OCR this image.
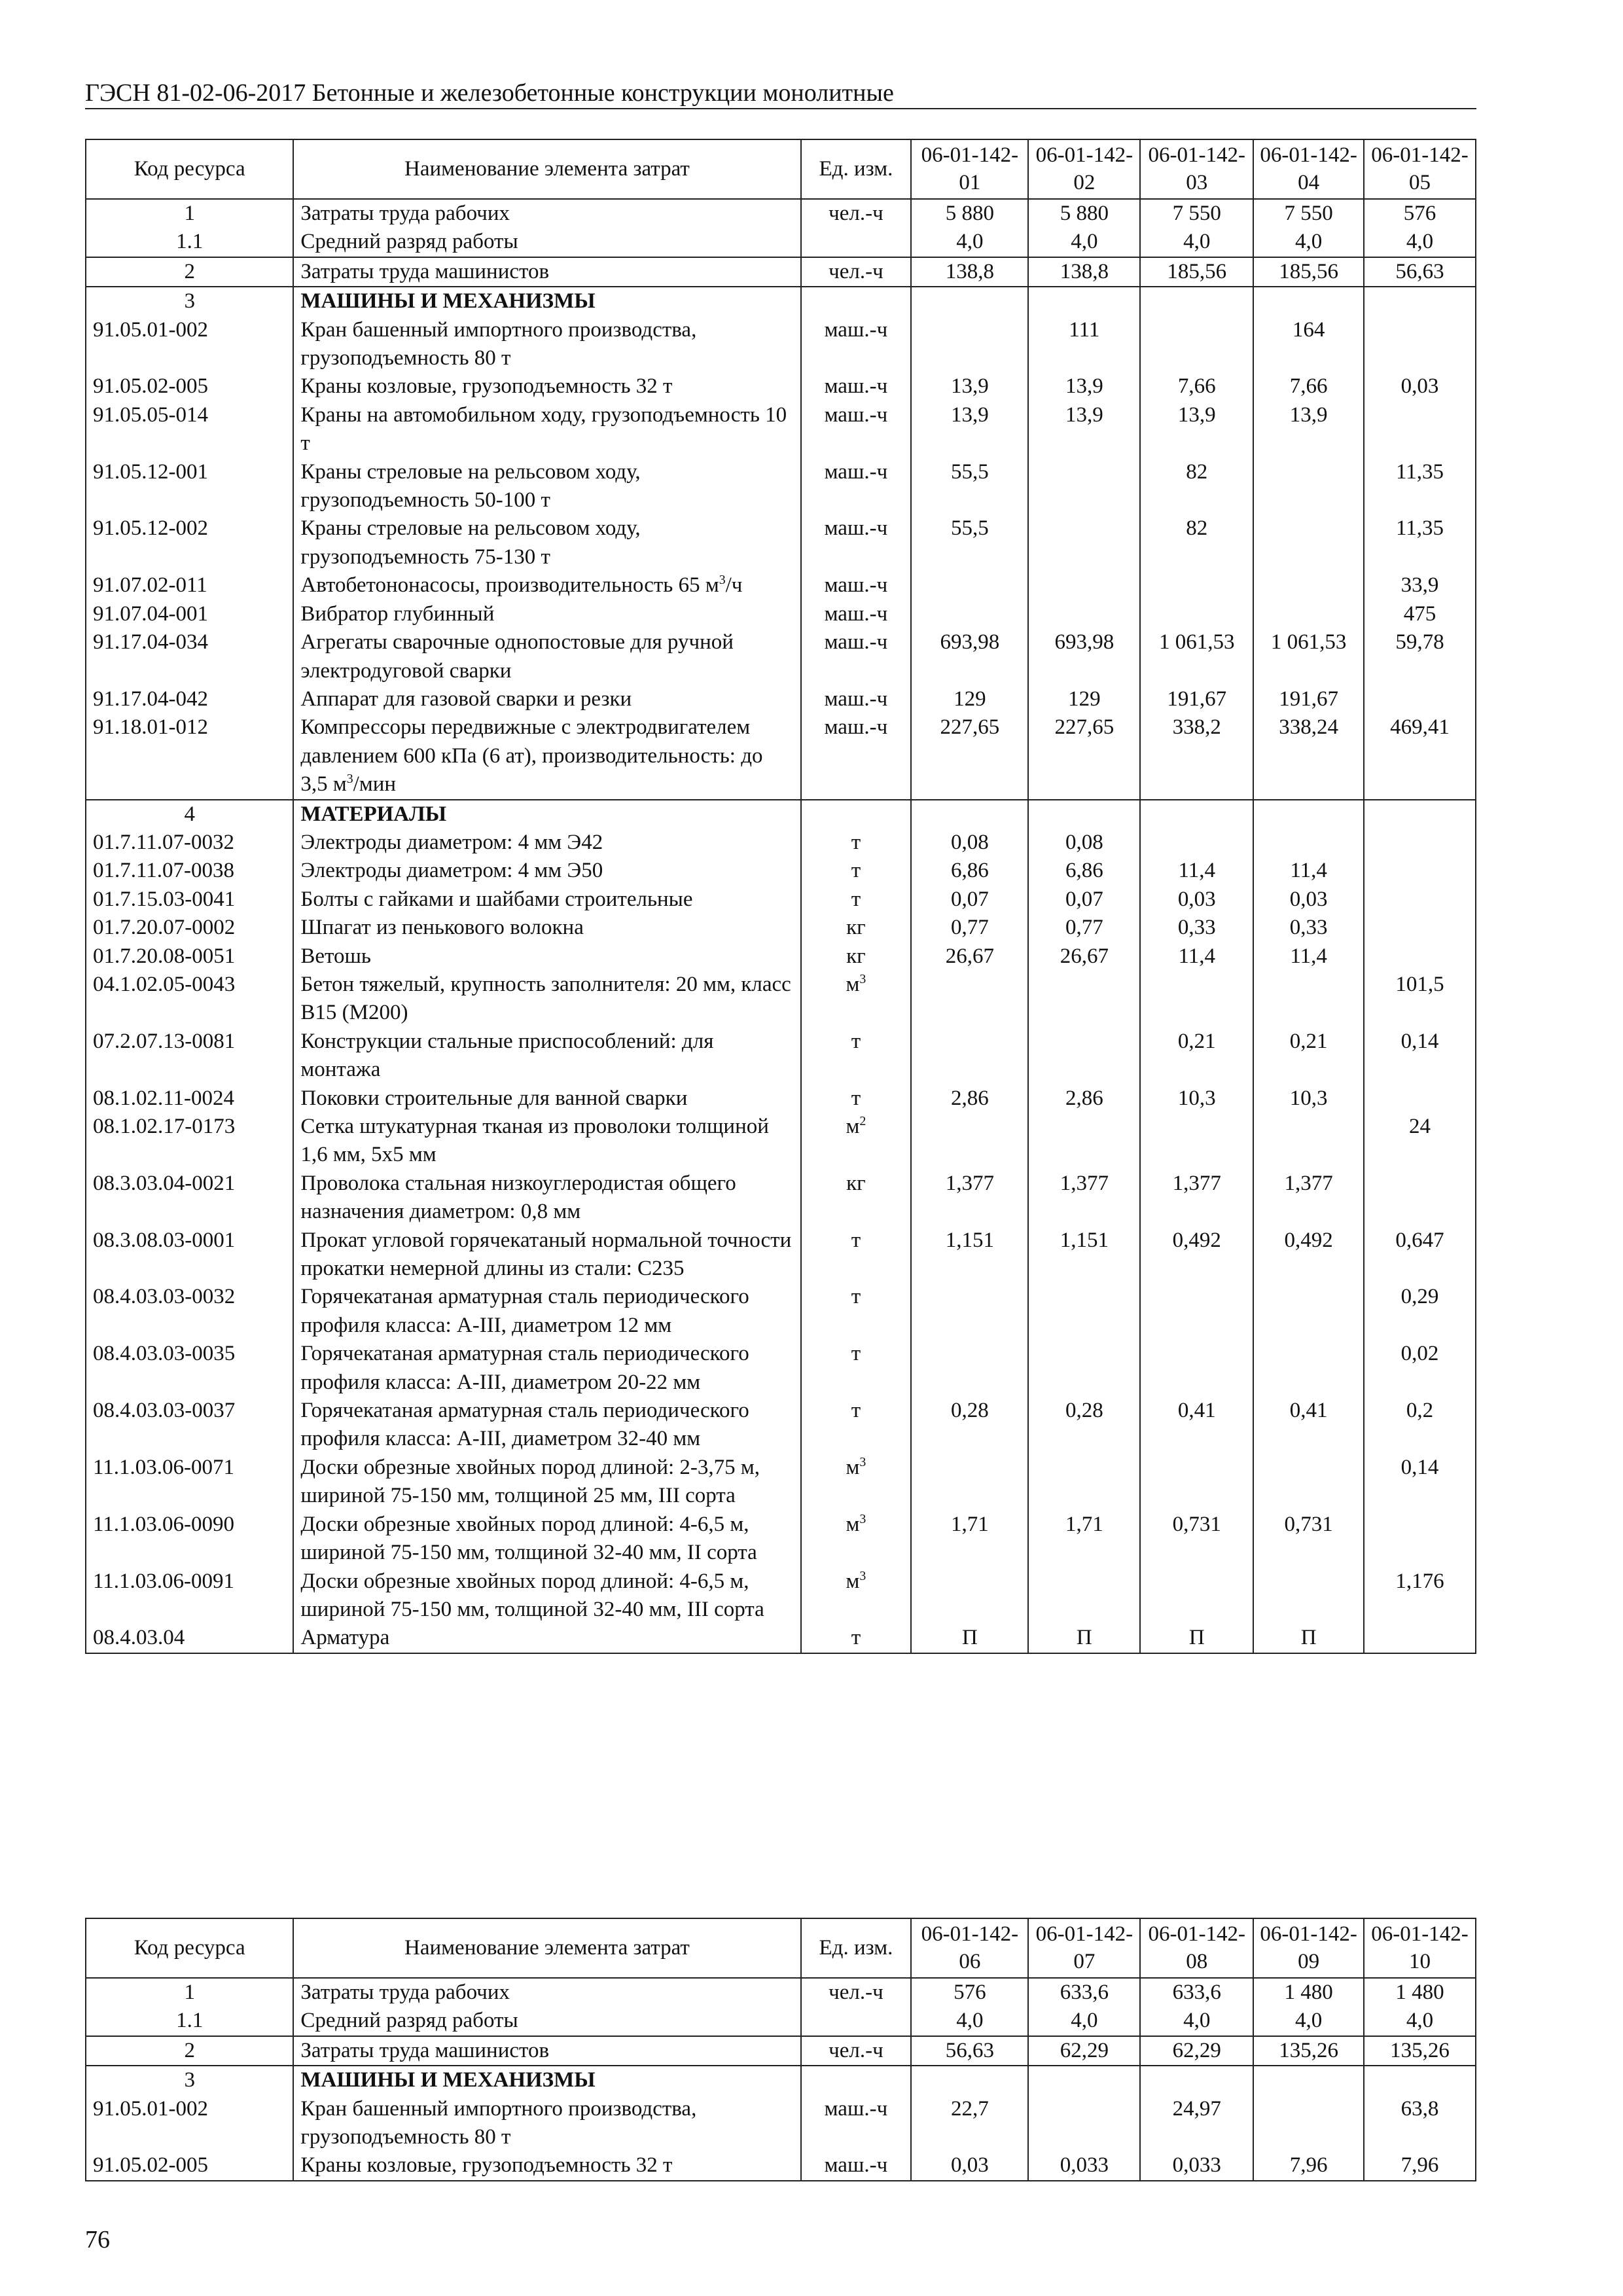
ГЭСН 81-02-06-2017 Бетонные и железобетонные конструкции монолитные
Код ресурса	Наименование элемента затрат	Ед. изм.	06-01-142-01	06-01-142-02	06-01-142-03	06-01-142-04	06-01-142-05
1	Затраты труда рабочих	чел.-ч	5 880	5 880	7 550	7 550	576
1.1	Средний разряд работы		4,0	4,0	4,0	4,0	4,0
2	Затраты труда машинистов	чел.-ч	138,8	138,8	185,56	185,56	56,63
3	МАШИНЫ И МЕХАНИЗМЫ						
91.05.01-002	Кран башенный импортного производства, грузоподъемность 80 т	маш.-ч		111		164	
91.05.02-005	Краны козловые, грузоподъемность 32 т	маш.-ч	13,9	13,9	7,66	7,66	0,03
91.05.05-014	Краны на автомобильном ходу, грузоподъемность 10 т	маш.-ч	13,9	13,9	13,9	13,9	
91.05.12-001	Краны стреловые на рельсовом ходу, грузоподъемность 50-100 т	маш.-ч	55,5		82		11,35
91.05.12-002	Краны стреловые на рельсовом ходу, грузоподъемность 75-130 т	маш.-ч	55,5		82		11,35
91.07.02-011	Автобетононасосы, производительность 65 $м^3/ч$	маш.-ч					33,9
91.07.04-001	Вибратор глубинный	маш.-ч					475
91.17.04-034	Агрегаты сварочные однопостовые для ручной электродуговой сварки	маш.-ч	693,98	693,98	1 061,53	1 061,53	59,78
91.17.04-042	Аппарат для газовой сварки и резки	маш.-ч	129	129	191,67	191,67	
91.18.01-012	Компрессоры передвижные с электродвигателем давлением 600 кПа (6 ат), производительность: до 3,5 $м^3$/мин	маш.-ч	227,65	227,65	338,2	338,24	469,41
4	МАТЕРИАЛЫ						
01.7.11.07-0032	Электроды диаметром: 4 мм Э42	т	0,08	0,08			
01.7.11.07-0038	Электроды диаметром: 4 мм Э50	т	6,86	6,86	11,4	11,4	
01.7.15.03-0041	Болты с гайками и шайбами строительные	т	0,07	0,07	0,03	0,03	
01.7.20.07-0002	Шпагат из пенькового волокна	кг	0,77	0,77	0,33	0,33	
01.7.20.08-0051	Ветошь	кг	26,67	26,67	11,4	11,4	
04.1.02.05-0043	Бетон тяжелый, крупность заполнителя: 20 мм, класс В15 (М200)	$м^3$					101,5
07.2.07.13-0081	Конструкции стальные приспособлений: для монтажа	т			0,21	0,21	0,14
08.1.02.11-0024	Поковки строительные для ванной сварки	т	2,86	2,86	10,3	10,3	
08.1.02.17-0173	Сетка штукатурная тканая из проволоки толщиной 1,6 мм, 5х5 мм	$м^2$					24
08.3.03.04-0021	Проволока стальная низкоуглеродистая общего назначения диаметром: 0,8 мм	кг	1,377	1,377	1,377	1,377	
08.3.08.03-0001	Прокат угловой горячекатаный нормальной точности прокатки немерной длины из стали: С235	т	1,151	1,151	0,492	0,492	0,647
08.4.03.03-0032	Горячекатаная арматурная сталь периодического профиля класса: А-III, диаметром 12 мм	т					0,29
08.4.03.03-0035	Горячекатаная арматурная сталь периодического профиля класса: А-III, диаметром 20-22 мм	т					0,02
08.4.03.03-0037	Горячекатаная арматурная сталь периодического профиля класса: А-III, диаметром 32-40 мм	т	0,28	0,28	0,41	0,41	0,2
11.1.03.06-0071	Доски обрезные хвойных пород длиной: 2-3,75 м, шириной 75-150 мм, толщиной 25 мм, III сорта	$м^3$					0,14
11.1.03.06-0090	Доски обрезные хвойных пород длиной: 4-6,5 м, шириной 75-150 мм, толщиной 32-40 мм, II сорта	$м^3$	1,71	1,71	0,731	0,731	
11.1.03.06-0091	Доски обрезные хвойных пород длиной: 4-6,5 м, шириной 75-150 мм, толщиной 32-40 мм, III сорта	$м^3$					1,176
08.4.03.04	Арматура	т	П	П	П	П	
Код ресурса	Наименование элемента затрат	Ед. изм.	06-01-142-06	06-01-142-07	06-01-142-08	06-01-142-09	06-01-142-10
1	Затраты труда рабочих	чел.-ч	576	633,6	633,6	1 480	1 480
1.1	Средний разряд работы		4,0	4,0	4,0	4,0	4,0
2	Затраты труда машинистов	чел.-ч	56,63	62,29	62,29	135,26	135,26
3	МАШИНЫ И МЕХАНИЗМЫ						
91.05.01-002	Кран башенный импортного производства, грузоподъемность 80 т	маш.-ч	22,7		24,97		63,8
91.05.02-005	Краны козловые, грузоподъемность 32 т	маш.-ч	0,03	0,033	0,033	7,96	7,96
76
